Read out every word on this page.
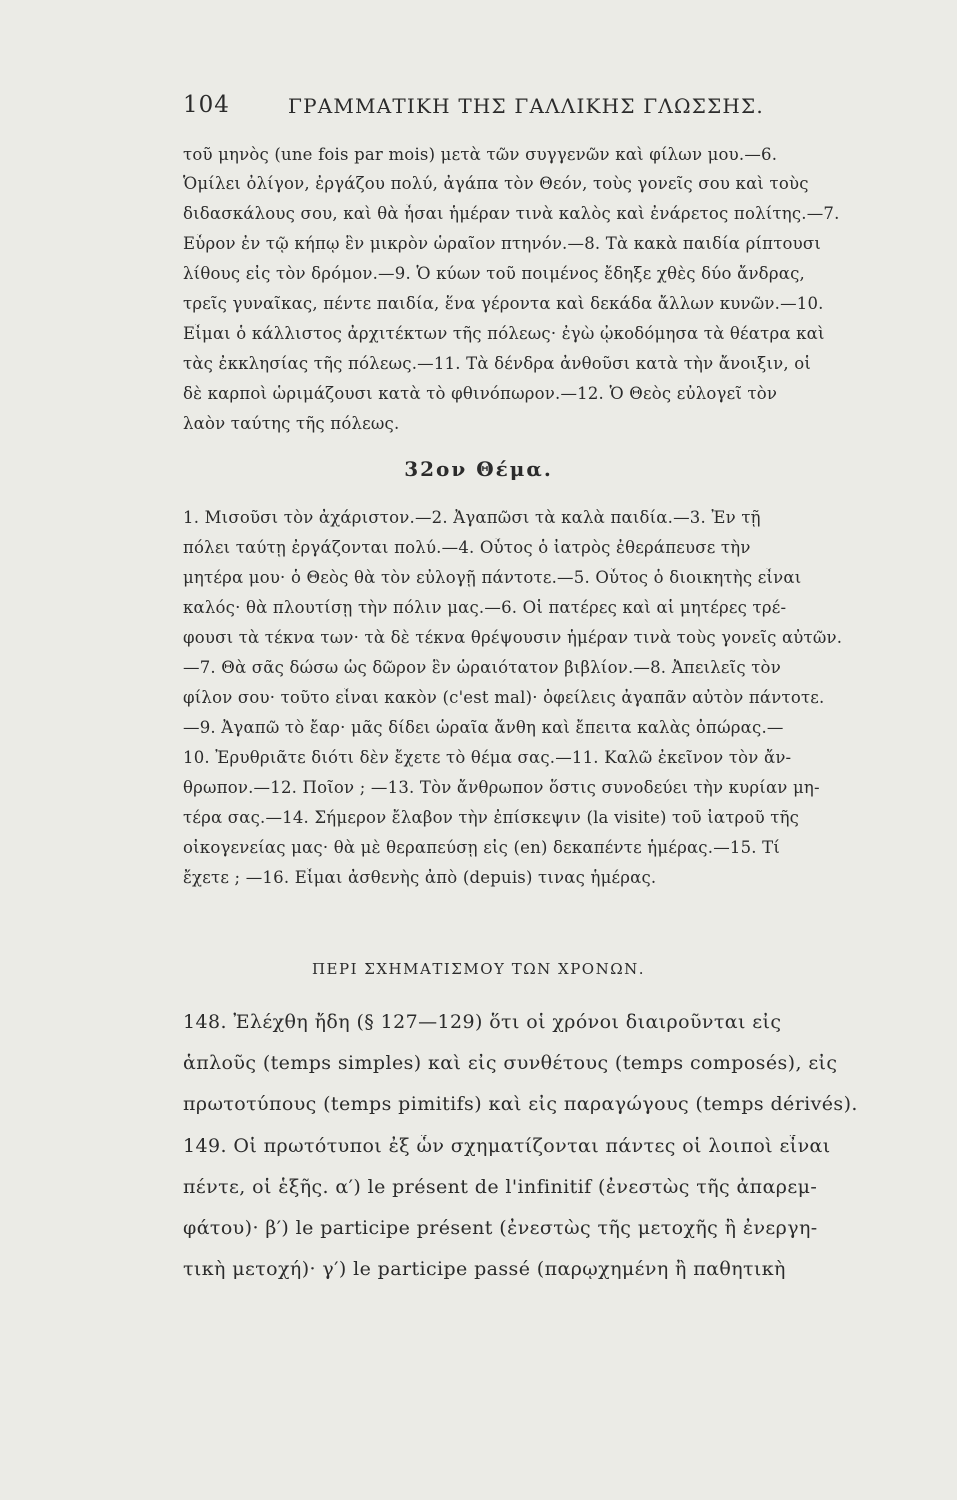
104	ΓΡΑΜΜΑΤΙΚΗ ΤΗΣ ΓΑΛΛΙΚΗΣ ΓΛΩΣΣΗΣ.
τοῦ μηνὸς (une fois par mois) μετὰ τῶν συγγενῶν καὶ φίλων μου.—6.
Ὁμίλει ὀλίγον, ἐργάζου πολύ, ἀγάπα τὸν Θεόν, τοὺς γονεῖς σου καὶ τοὺς
διδασκάλους σου, καὶ θὰ ἦσαι ἡμέραν τινὰ καλὸς καὶ ἐνάρετος πολίτης.—7.
Εὗρον ἐν τῷ κήπῳ ἓν μικρὸν ὡραῖον πτηνόν.—8. Τὰ κακὰ παιδία ρίπτουσι
λίθους εἰς τὸν δρόμον.—9. Ὁ κύων τοῦ ποιμένος ἔδηξε χθὲς δύο ἄνδρας,
τρεῖς γυναῖκας, πέντε παιδία, ἕνα γέροντα καὶ δεκάδα ἄλλων κυνῶν.—10.
Εἶμαι ὁ κάλλιστος ἀρχιτέκτων τῆς πόλεως· ἐγὼ ᾠκοδόμησα τὰ θέατρα καὶ
τὰς ἐκκλησίας τῆς πόλεως.—11. Τὰ δένδρα ἀνθοῦσι κατὰ τὴν ἄνοιξιν, οἱ
δὲ καρποὶ ὡριμάζουσι κατὰ τὸ φθινόπωρον.—12. Ὁ Θεὸς εὐλογεῖ τὸν
λαὸν ταύτης τῆς πόλεως.
32ον Θέμα.
1. Μισοῦσι τὸν ἀχάριστον.—2. Ἀγαπῶσι τὰ καλὰ παιδία.—3. Ἐν τῇ
πόλει ταύτῃ ἐργάζονται πολύ.—4. Οὗτος ὁ ἰατρὸς ἐθεράπευσε τὴν
μητέρα μου· ὁ Θεὸς θὰ τὸν εὐλογῇ πάντοτε.—5. Οὗτος ὁ διοικητὴς εἶναι
καλός· θὰ πλουτίσῃ τὴν πόλιν μας.—6. Οἱ πατέρες καὶ αἱ μητέρες τρέ-
φουσι τὰ τέκνα των· τὰ δὲ τέκνα θρέψουσιν ἡμέραν τινὰ τοὺς γονεῖς αὐτῶν.
—7. Θὰ σᾶς δώσω ὡς δῶρον ἓν ὡραιότατον βιβλίον.—8. Ἀπειλεῖς τὸν
φίλον σου· τοῦτο εἶναι κακὸν (c'est mal)· ὀφείλεις ἀγαπᾶν αὐτὸν πάντοτε.
—9. Ἀγαπῶ τὸ ἔαρ· μᾶς δίδει ὡραῖα ἄνθη καὶ ἔπειτα καλὰς ὀπώρας.—
10. Ἐρυθριᾶτε διότι δὲν ἔχετε τὸ θέμα σας.—11. Καλῶ ἐκεῖνον τὸν ἄν-
θρωπον.—12. Ποῖον ; —13. Τὸν ἄνθρωπον ὅστις συνοδεύει τὴν κυρίαν μη-
τέρα σας.—14. Σήμερον ἔλαβον τὴν ἐπίσκεψιν (la visite) τοῦ ἰατροῦ τῆς
οἰκογενείας μας· θὰ μὲ θεραπεύσῃ εἰς (en) δεκαπέντε ἡμέρας.—15. Τί
ἔχετε ; —16. Εἶμαι ἀσθενὴς ἀπὸ (depuis) τινας ἡμέρας.
ΠΕΡΙ ΣΧΗΜΑΤΙΣΜΟΥ ΤΩΝ ΧΡΟΝΩΝ.
148. Ἐλέχθη ἤδη (§ 127—129) ὅτι οἱ χρόνοι διαιροῦνται εἰς
ἁπλοῦς (temps simples) καὶ εἰς συνθέτους (temps composés), εἰς
πρωτοτύπους (temps pimitifs) καὶ εἰς παραγώγους (temps dérivés).
149. Οἱ πρωτότυποι ἐξ ὧν σχηματίζονται πάντες οἱ λοιποὶ εἶναι
πέντε, οἱ ἑξῆς. α′) le présent de l'infinitif (ἐνεστὼς τῆς ἀπαρεμ-
φάτου)· β′) le participe présent (ἐνεστὼς τῆς μετοχῆς ἢ ἐνεργη-
τικὴ μετοχή)· γ′) le participe passé (παρῳχημένη ἢ παθητικὴ
